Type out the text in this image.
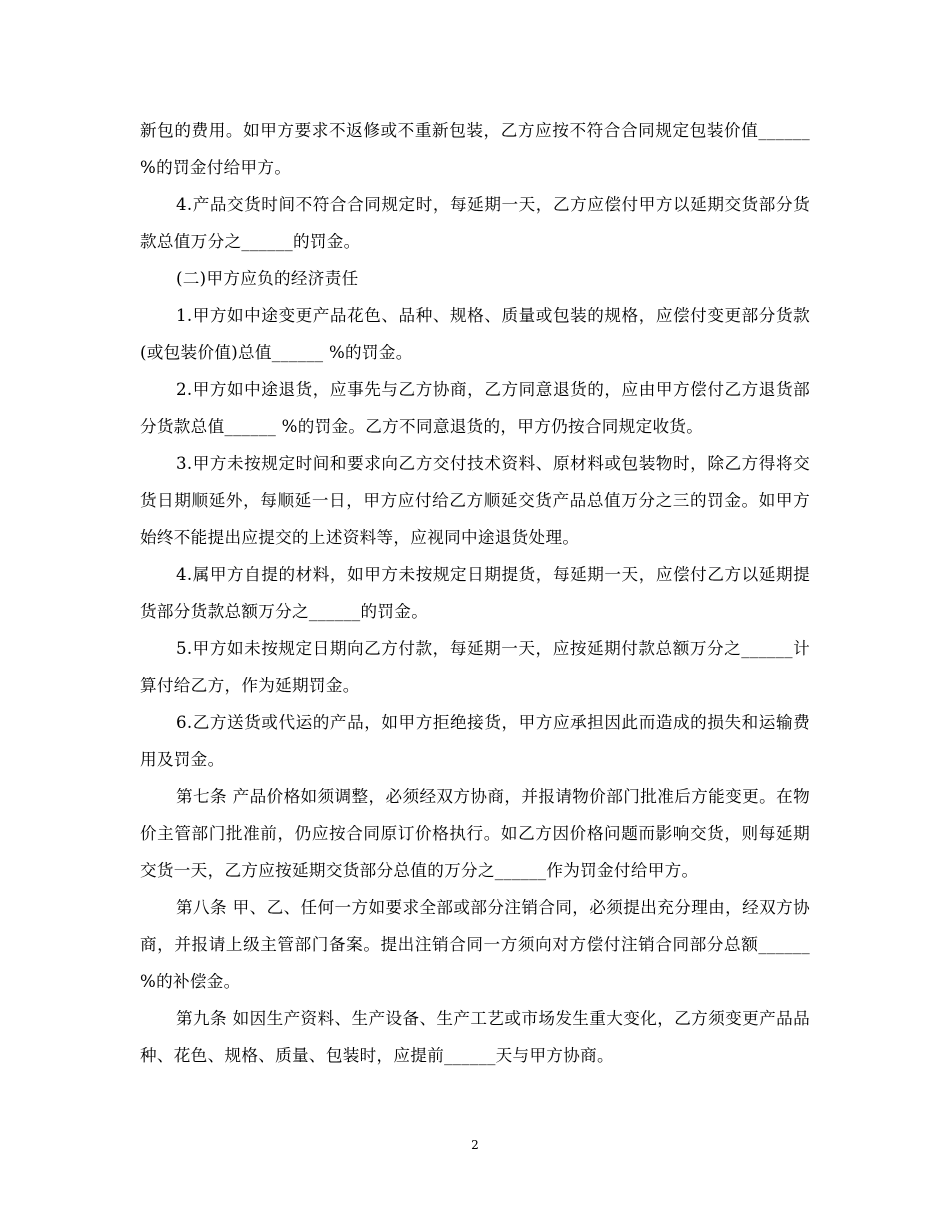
新包的费用。如甲方要求不返修或不重新包装，乙方应按不符合合同规定包装价值______ %的罚金付给甲方。

4.产品交货时间不符合合同规定时，每延期一天，乙方应偿付甲方以延期交货部分货款总值万分之______的罚金。

(二)甲方应负的经济责任

1.甲方如中途变更产品花色、品种、规格、质量或包装的规格，应偿付变更部分货款(或包装价值)总值______ %的罚金。

2.甲方如中途退货，应事先与乙方协商，乙方同意退货的，应由甲方偿付乙方退货部分货款总值______ %的罚金。乙方不同意退货的，甲方仍按合同规定收货。

3.甲方未按规定时间和要求向乙方交付技术资料、原材料或包装物时，除乙方得将交货日期顺延外，每顺延一日，甲方应付给乙方顺延交货产品总值万分之三的罚金。如甲方始终不能提出应提交的上述资料等，应视同中途退货处理。

4.属甲方自提的材料，如甲方未按规定日期提货，每延期一天，应偿付乙方以延期提货部分货款总额万分之______的罚金。

5.甲方如未按规定日期向乙方付款，每延期一天，应按延期付款总额万分之______计算付给乙方，作为延期罚金。

6.乙方送货或代运的产品，如甲方拒绝接货，甲方应承担因此而造成的损失和运输费用及罚金。

第七条 产品价格如须调整，必须经双方协商，并报请物价部门批准后方能变更。在物价主管部门批准前，仍应按合同原订价格执行。如乙方因价格问题而影响交货，则每延期交货一天，乙方应按延期交货部分总值的万分之______作为罚金付给甲方。

第八条 甲、乙、任何一方如要求全部或部分注销合同，必须提出充分理由，经双方协商，并报请上级主管部门备案。提出注销合同一方须向对方偿付注销合同部分总额______ %的补偿金。

第九条 如因生产资料、生产设备、生产工艺或市场发生重大变化，乙方须变更产品品种、花色、规格、质量、包装时，应提前______天与甲方协商。

2
